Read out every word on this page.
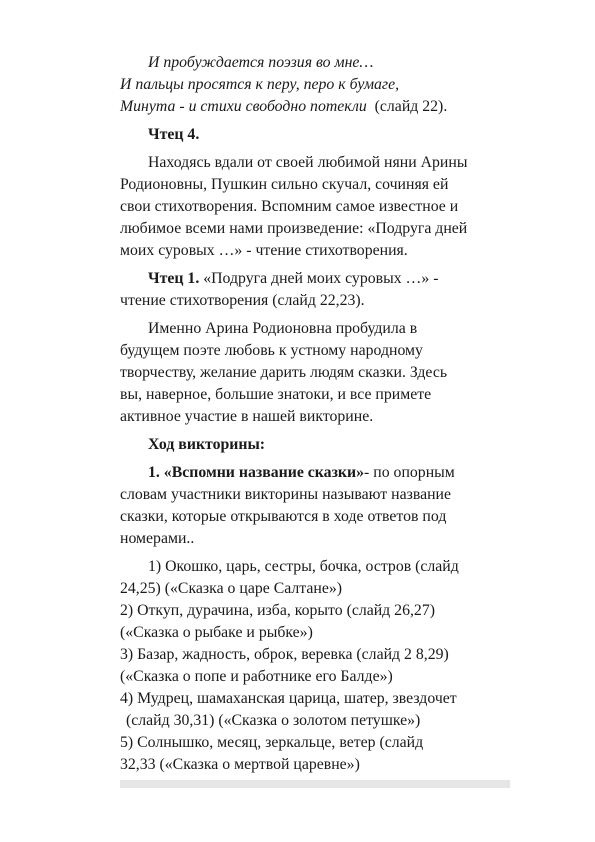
И пробуждается поэзия во мне…
И пальцы просятся к перу, перо к бумаге,
Минута - и стихи свободно потекли (слайд 22).

Чтец 4.

Находясь вдали от своей любимой няни Арины
Родионовны, Пушкин сильно скучал, сочиняя ей
свои стихотворения. Вспомним самое известное и
любимое всеми нами произведение: «Подруга дней
моих суровых …» - чтение стихотворения.
Чтец 1. «Подруга дней моих суровых …» -
чтение стихотворения (слайд 22,23).
Именно Арина Родионовна пробудила в
будущем поэте любовь к устному народному
творчеству, желание дарить людям сказки. Здесь
вы, наверное, большие знатоки, и все примете
активное участие в нашей викторине.

Ход викторины:

1. «Вспомни название сказки»- по опорным
словам участники викторины называют название
сказки, которые открываются в ходе ответов под
номерами..
1) Окошко, царь, сестры, бочка, остров (слайд
24,25) («Сказка о царе Салтане»)
2) Откуп, дурачина, изба, корыто (слайд 26,27)
(«Сказка о рыбаке и рыбке»)
3) Базар, жадность, оброк, веревка (слайд 2 8,29)
(«Сказка о попе и работнике его Балде»)
4) Мудрец, шамаханская царица, шатер, звездочет
(слайд 30,31) («Сказка о золотом петушке»)
5) Солнышко, месяц, зеркальце, ветер (слайд
32,33 («Сказка о мертвой царевне»)
